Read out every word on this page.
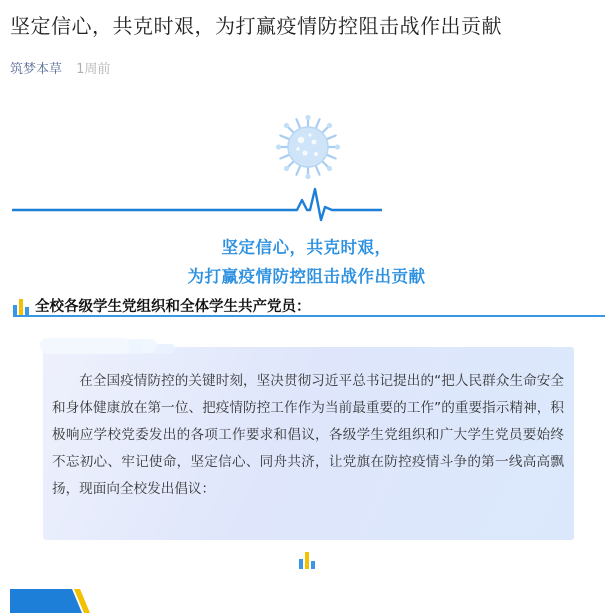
坚定信心，共克时艰，为打赢疫情防控阻击战作出贡献
筑梦本草 1周前
坚定信心，共克时艰，
为打赢疫情防控阻击战作出贡献
全校各级学生党组织和全体学生共产党员：
在全国疫情防控的关键时刻，坚决贯彻习近平总书记提出的“把人民群众生命安全和身体健康放在第一位、把疫情防控工作作为当前最重要的工作”的重要指示精神，积极响应学校党委发出的各项工作要求和倡议，各级学生党组织和广大学生党员要始终不忘初心、牢记使命，坚定信心、同舟共济，让党旗在防控疫情斗争的第一线高高飘扬，现面向全校发出倡议：
